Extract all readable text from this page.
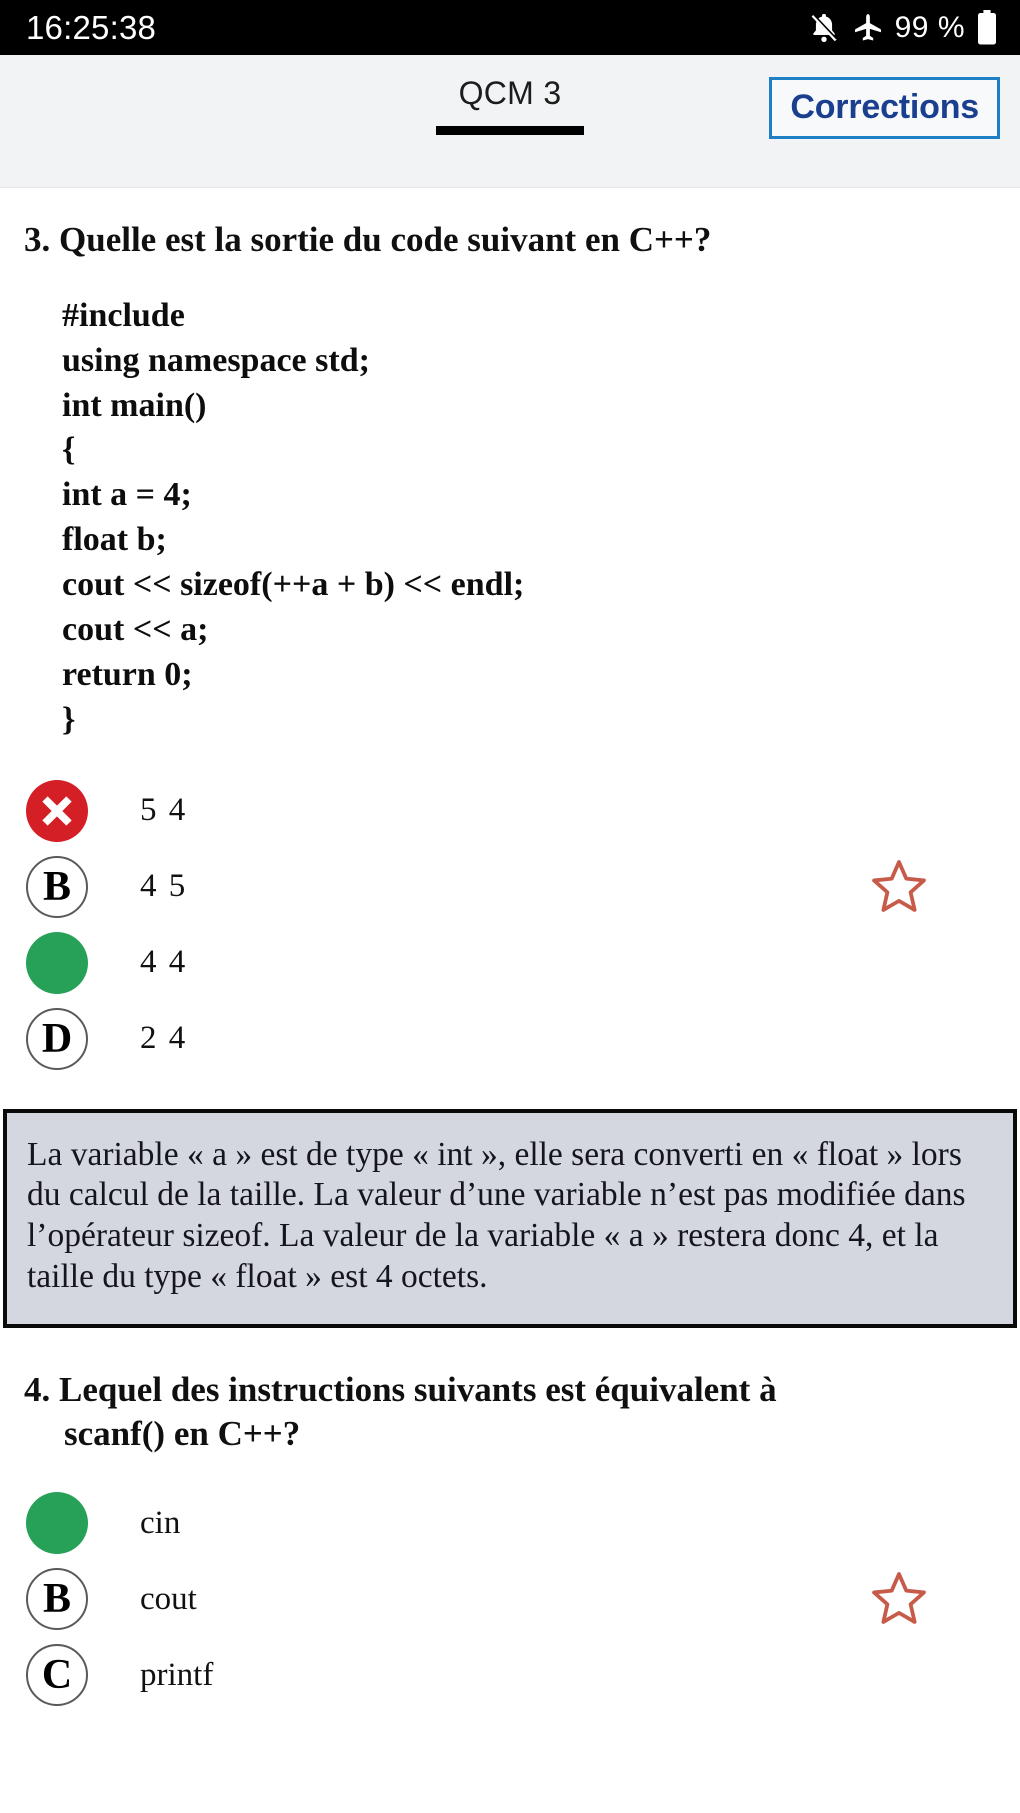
16:25:38	99 %
QCM 3	Corrections
3. Quelle est la sortie du code suivant en C++?
#include
using namespace std;
int main()
{
int a = 4;
float b;
cout << sizeof(++a + b) << endl;
cout << a;
return 0;
}
5 4
B	4 5
4 4
D	2 4

La variable « a » est de type « int », elle sera converti en « float » lors du calcul de la taille. La valeur d’une variable n’est pas modifiée dans l’opérateur sizeof. La valeur de la variable « a » restera donc 4, et la taille du type « float » est 4 octets.

4. Lequel des instructions suivants est équivalent à
scanf() en C++?
cin
B	cout
C	printf
